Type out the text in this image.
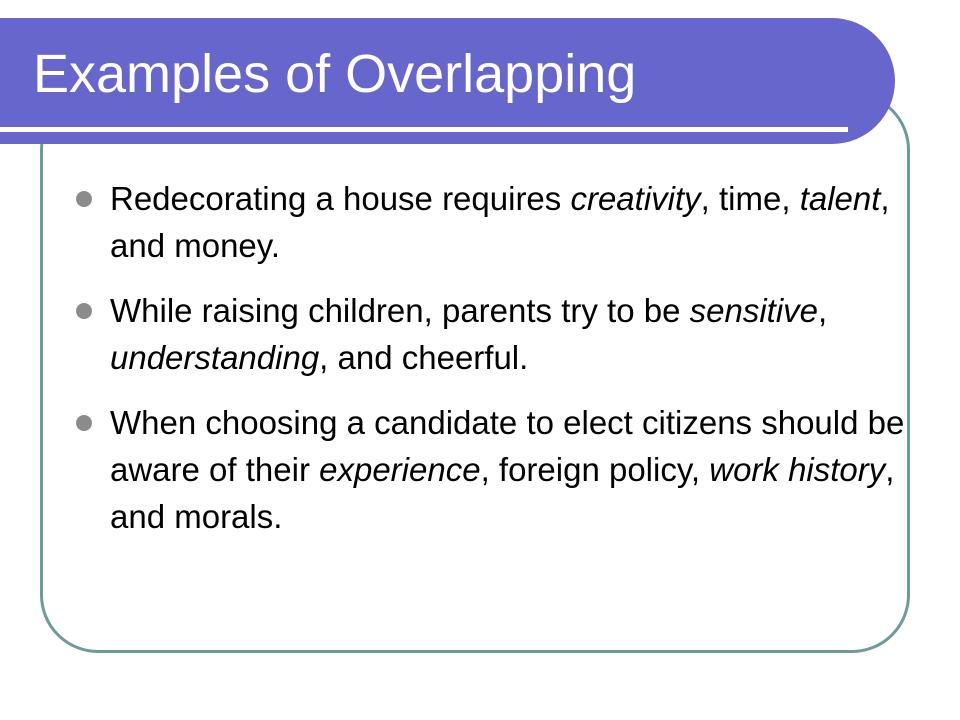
Examples of Overlapping
Redecorating a house requires creativity, time, talent, and money.
While raising children, parents try to be sensitive, understanding, and cheerful.
When choosing a candidate to elect citizens should be aware of their experience, foreign policy, work history, and morals.
